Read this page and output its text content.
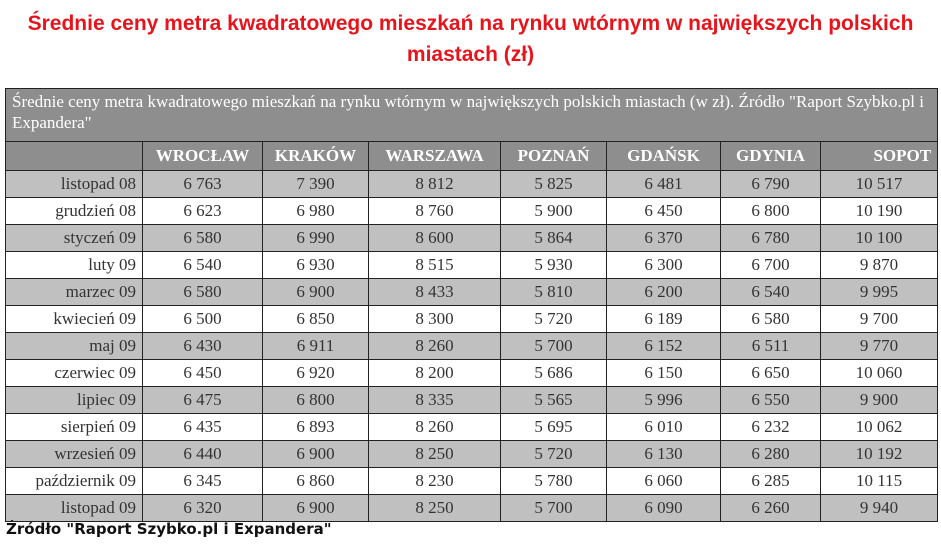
Średnie ceny metra kwadratowego mieszkań na rynku wtórnym w największych polskich miastach (zł)
Średnie ceny metra kwadratowego mieszkań na rynku wtórnym w największych polskich miastach (w zł). Źródło "Raport Szybko.pl i Expandera"							
	WROCŁAW	KRAKÓW	WARSZAWA	POZNAŃ	GDAŃSK	GDYNIA	SOPOT
listopad 08	6 763	7 390	8 812	5 825	6 481	6 790	10 517
grudzień 08	6 623	6 980	8 760	5 900	6 450	6 800	10 190
styczeń 09	6 580	6 990	8 600	5 864	6 370	6 780	10 100
luty 09	6 540	6 930	8 515	5 930	6 300	6 700	9 870
marzec 09	6 580	6 900	8 433	5 810	6 200	6 540	9 995
kwiecień 09	6 500	6 850	8 300	5 720	6 189	6 580	9 700
maj 09	6 430	6 911	8 260	5 700	6 152	6 511	9 770
czerwiec 09	6 450	6 920	8 200	5 686	6 150	6 650	10 060
lipiec 09	6 475	6 800	8 335	5 565	5 996	6 550	9 900
sierpień 09	6 435	6 893	8 260	5 695	6 010	6 232	10 062
wrzesień 09	6 440	6 900	8 250	5 720	6 130	6 280	10 192
październik 09	6 345	6 860	8 230	5 780	6 060	6 285	10 115
listopad 09	6 320	6 900	8 250	5 700	6 090	6 260	9 940
Źródło "Raport Szybko.pl i Expandera"
